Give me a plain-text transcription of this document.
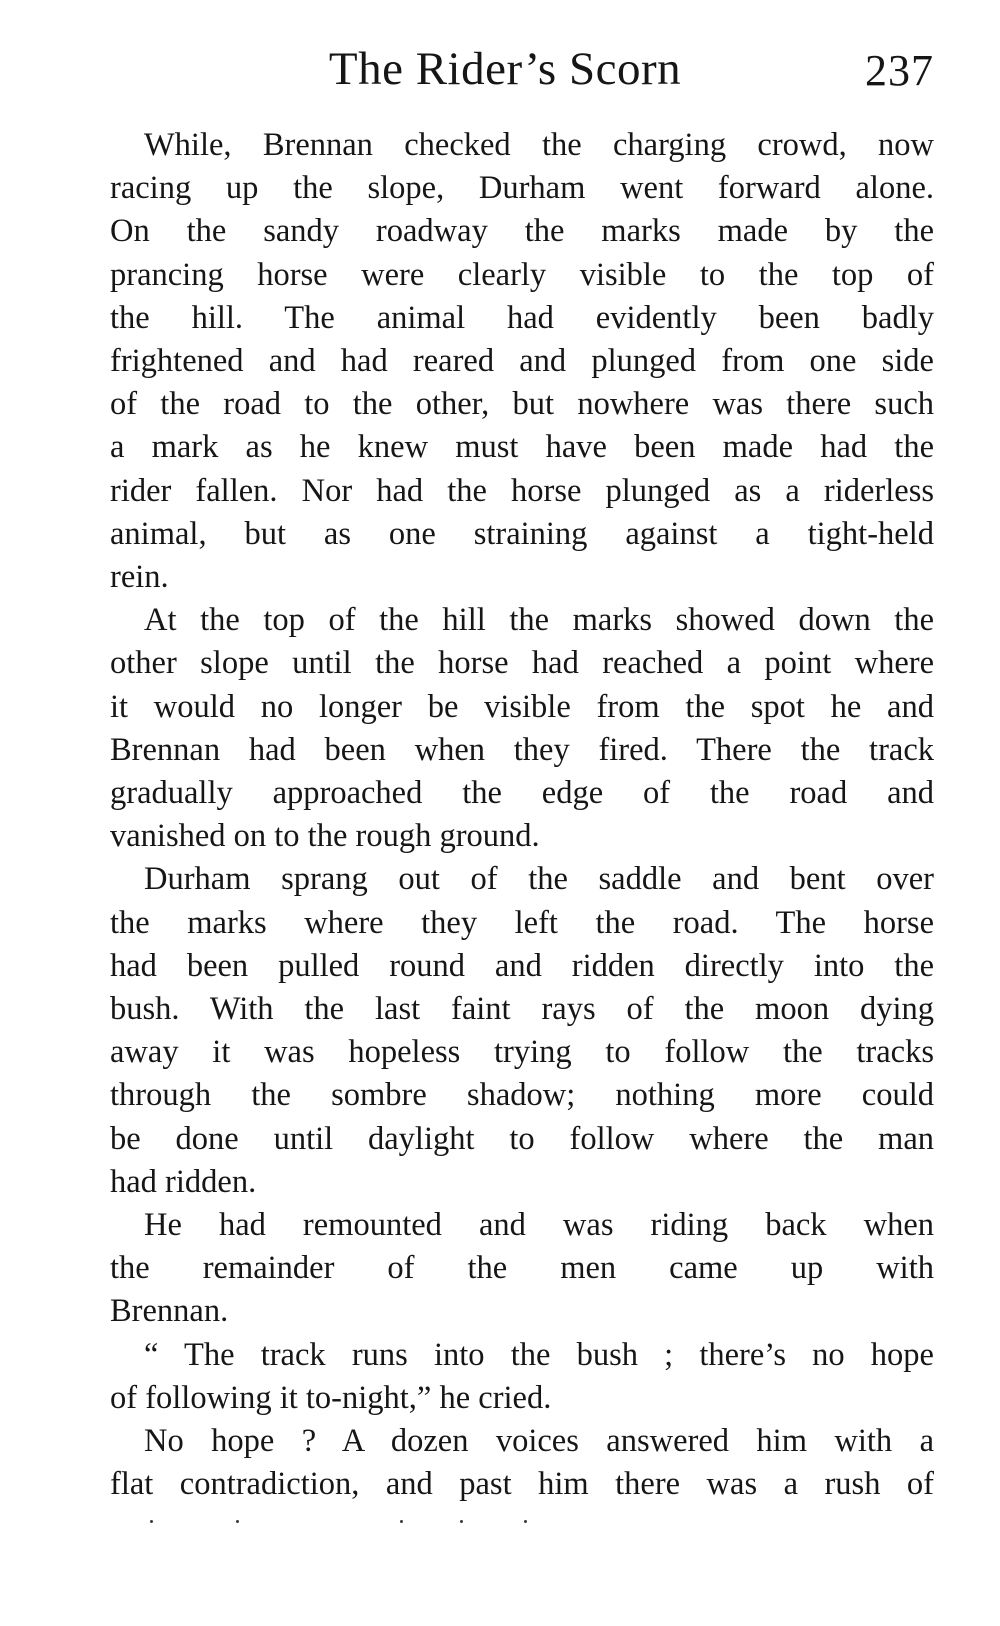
The Rider’s Scorn	237
While, Brennan checked the charging crowd, now
racing up the slope, Durham went forward alone.
On the sandy roadway the marks made by the
prancing horse were clearly visible to the top of
the hill. The animal had evidently been badly
frightened and had reared and plunged from one side
of the road to the other, but nowhere was there such
a mark as he knew must have been made had the
rider fallen. Nor had the horse plunged as a riderless
animal, but as one straining against a tight-held
rein.
At the top of the hill the marks showed down the
other slope until the horse had reached a point where
it would no longer be visible from the spot he and
Brennan had been when they fired. There the track
gradually approached the edge of the road and
vanished on to the rough ground.
Durham sprang out of the saddle and bent over
the marks where they left the road. The horse
had been pulled round and ridden directly into the
bush. With the last faint rays of the moon dying
away it was hopeless trying to follow the tracks
through the sombre shadow; nothing more could
be done until daylight to follow where the man
had ridden.
He had remounted and was riding back when
the remainder of the men came up with
Brennan.
“ The track runs into the bush ; there’s no hope
of following it to-night,” he cried.
No hope ? A dozen voices answered him with a
flat contradiction, and past him there was a rush of
